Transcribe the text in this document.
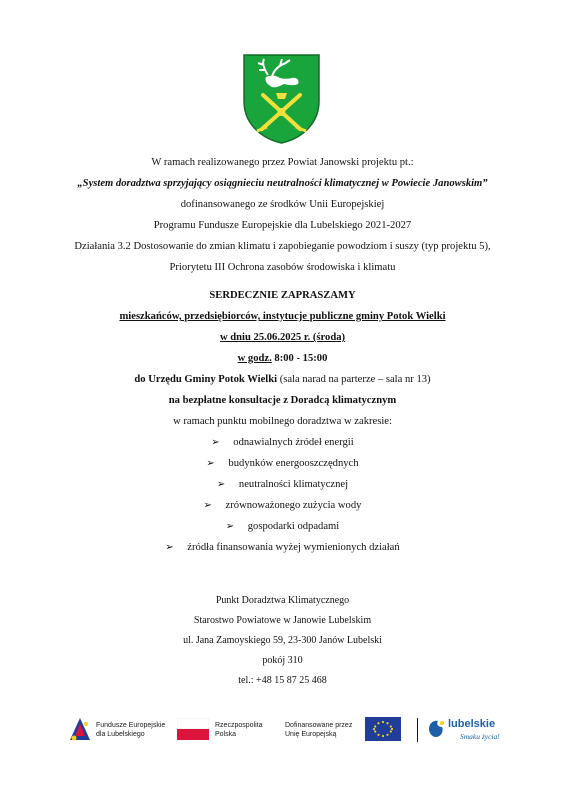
W ramach realizowanego przez Powiat Janowski projektu pt.:
„System doradztwa sprzyjający osiągnieciu neutralności klimatycznej w Powiecie Janowskim”
dofinansowanego ze środków Unii Europejskiej
Programu Fundusze Europejskie dla Lubelskiego 2021-2027
Działania 3.2 Dostosowanie do zmian klimatu i zapobieganie powodziom i suszy (typ projektu 5),
Priorytetu III Ochrona zasobów środowiska i klimatu
SERDECZNIE ZAPRASZAMY
mieszkańców, przedsiębiorców, instytucje publiczne gminy Potok Wielki
w dniu 25.06.2025 r. (środa)
w godz. 8:00 - 15:00
do Urzędu Gminy Potok Wielki (sala narad na parterze – sala nr 13)
na bezpłatne konsultacje z Doradcą klimatycznym
w ramach punktu mobilnego doradztwa w zakresie:
➢ odnawialnych źródeł energii
➢ budynków energooszczędnych
➢ neutralności klimatycznej
➢ zrównoważonego zużycia wody
➢ gospodarki odpadami
➢ źródła finansowania wyżej wymienionych działań
Punkt Doradztwa Klimatycznego
Starostwo Powiatowe w Janowie Lubelskim
ul. Jana Zamoyskiego 59, 23-300 Janów Lubelski
pokój 310
tel.: +48 15 87 25 468
Fundusze Europejskie
dla Lubelskiego
Rzeczpospolita
Polska
Dofinansowane przez
Unię Europejską
lubelskie
Smaku życia!
